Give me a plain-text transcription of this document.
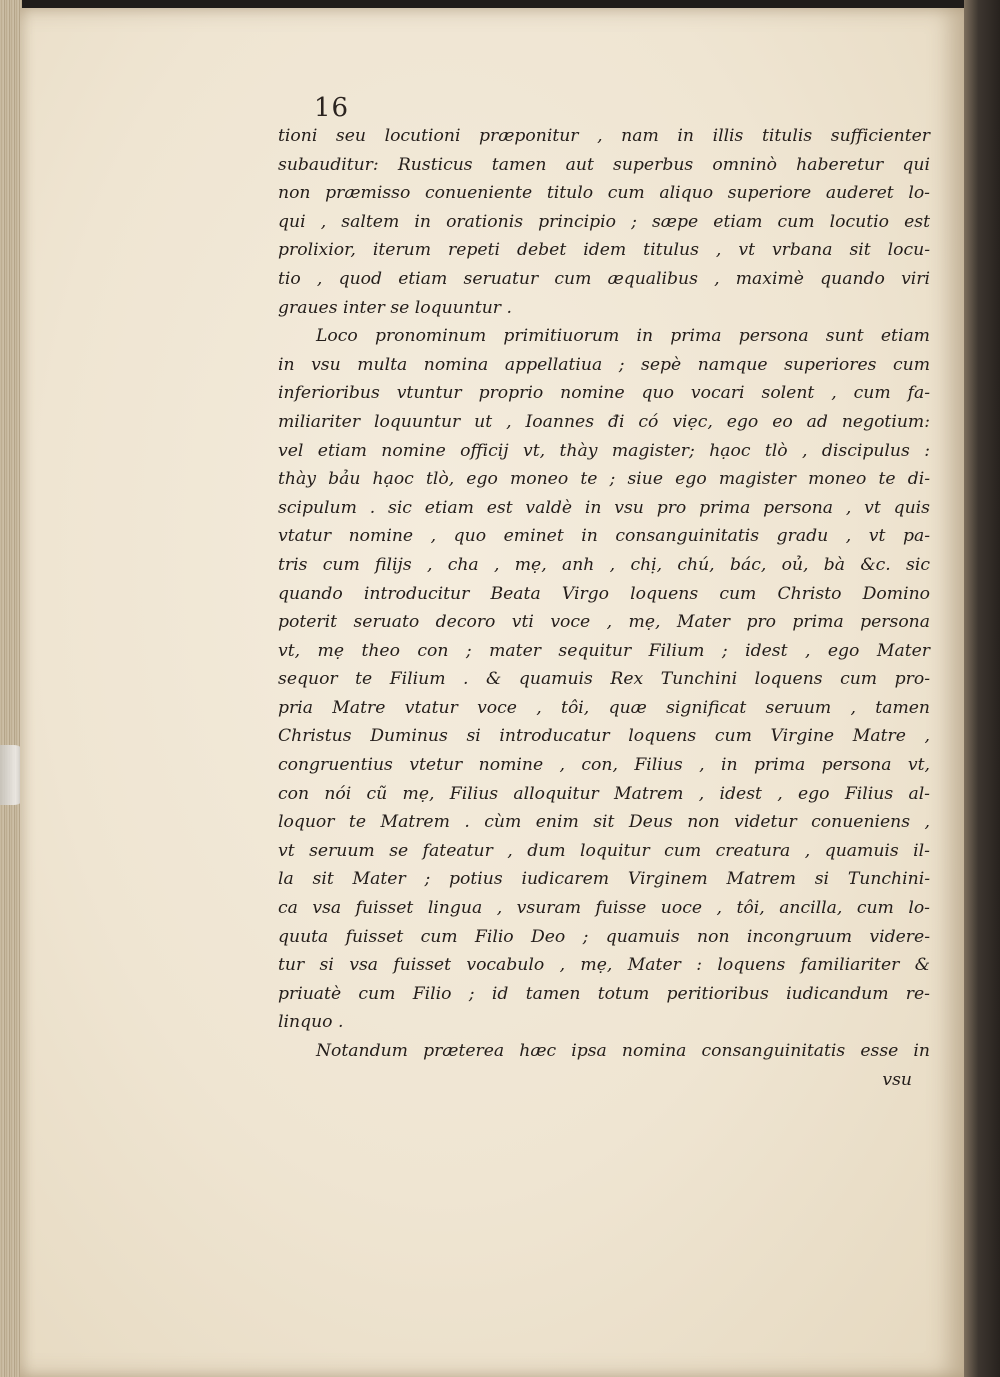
16
tioni seu locutioni præponitur , nam in illis titulis sufficienter
subauditur: Rusticus tamen aut superbus omninò haberetur qui
non præmisso conueniente titulo cum aliquo superiore auderet lo-
qui , saltem in orationis principio ; sæpe etiam cum locutio est
prolixior, iterum repeti debet idem titulus , vt vrbana sit locu-
tio , quod etiam seruatur cum æqualibus , maximè quando viri
graues inter se loquuntur .
Loco pronominum primitiuorum in prima persona sunt etiam
in vsu multa nomina appellatiua ; sepè namque superiores cum
inferioribus vtuntur proprio nomine quo vocari solent , cum fa-
miliariter loquuntur ut , Ioannes đi có viẹc, ego eo ad negotium:
vel etiam nomine officij vt, thày magister; hạoc tlò , discipulus :
thày bảu hạoc tlò, ego moneo te ; siue ego magister moneo te di-
scipulum . sic etiam est valdè in vsu pro prima persona , vt quis
vtatur nomine , quo eminet in consanguinitatis gradu , vt pa-
tris cum filijs , cha , mẹ, anh , chị, chú, bác, oủ, bà &c. sic
quando introducitur Beata Virgo loquens cum Christo Domino
poterit seruato decoro vti voce , mẹ, Mater pro prima persona
vt, mẹ theo con ; mater sequitur Filium ; idest , ego Mater
sequor te Filium . & quamuis Rex Tunchini loquens cum pro-
pria Matre vtatur voce , tôi, quæ significat seruum , tamen
Christus Duminus si introducatur loquens cum Virgine Matre ,
congruentius vtetur nomine , con, Filius , in prima persona vt,
con nói cũ mẹ, Filius alloquitur Matrem , idest , ego Filius al-
loquor te Matrem . cùm enim sit Deus non videtur conueniens ,
vt seruum se fateatur , dum loquitur cum creatura , quamuis il-
la sit Mater ; potius iudicarem Virginem Matrem si Tunchini-
ca vsa fuisset lingua , vsuram fuisse uoce , tôi, ancilla, cum lo-
quuta fuisset cum Filio Deo ; quamuis non incongruum videre-
tur si vsa fuisset vocabulo , mẹ, Mater : loquens familiariter &
priuatè cum Filio ; id tamen totum peritioribus iudicandum re-
linquo .
Notandum præterea hæc ipsa nomina consanguinitatis esse in
vsu
